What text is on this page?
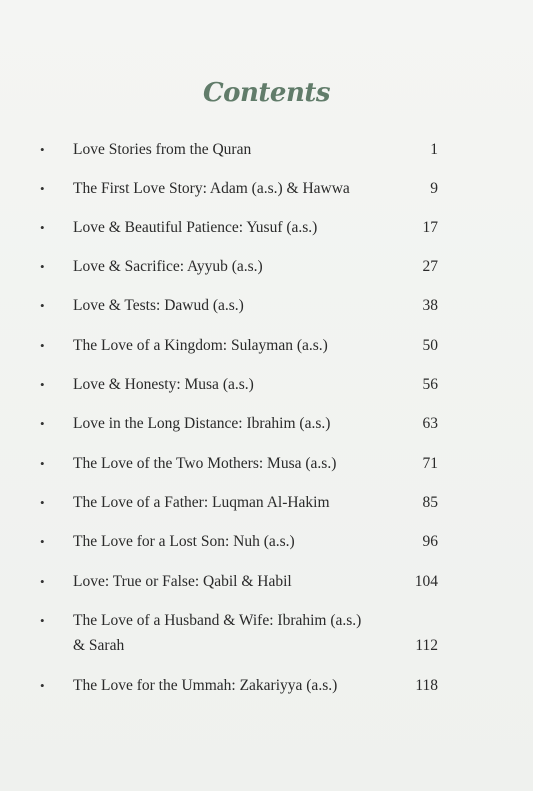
Contents
•	Love Stories from the Quran	1
•	The First Love Story: Adam (a.s.) & Hawwa	9
•	Love & Beautiful Patience: Yusuf (a.s.)	17
•	Love & Sacrifice: Ayyub (a.s.)	27
•	Love & Tests: Dawud (a.s.)	38
•	The Love of a Kingdom: Sulayman (a.s.)	50
•	Love & Honesty: Musa (a.s.)	56
•	Love in the Long Distance: Ibrahim (a.s.)	63
•	The Love of the Two Mothers: Musa (a.s.)	71
•	The Love of a Father: Luqman Al-Hakim	85
•	The Love for a Lost Son: Nuh (a.s.)	96
•	Love: True or False: Qabil & Habil	104
•	The Love of a Husband & Wife: Ibrahim (a.s.)
& Sarah	112
•	The Love for the Ummah: Zakariyya (a.s.)	118
